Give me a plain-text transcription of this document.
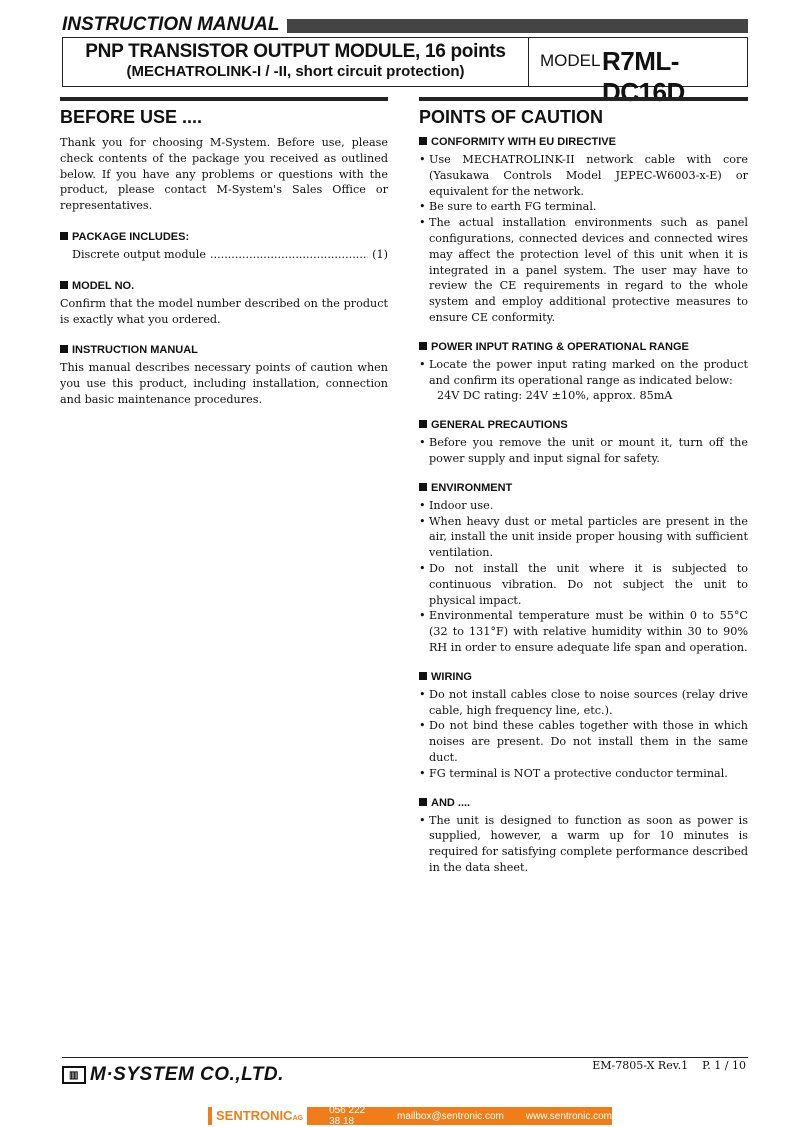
INSTRUCTION MANUAL
PNP TRANSISTOR OUTPUT MODULE, 16 points
(MECHATROLINK-I / -II, short circuit protection)
MODEL R7ML-DC16D
BEFORE USE ....

Thank you for choosing M-System. Before use, please check contents of the package you received as outlined below. If you have any problems or questions with the product, please contact M-System's Sales Office or representatives.

PACKAGE INCLUDES:
Discrete output module
.....	(1)
MODEL NO.

Confirm that the model number described on the product is exactly what you ordered.

INSTRUCTION MANUAL

This manual describes necessary points of caution when you use this product, including installation, connection and basic maintenance procedures.

POINTS OF CAUTION
CONFORMITY WITH EU DIRECTIVE
• Use MECHATROLINK-II network cable with core (Yasukawa Controls Model JEPEC-W6003-x-E) or equivalent for the network.
• Be sure to earth FG terminal.
• The actual installation environments such as panel configurations, connected devices and connected wires may affect the protection level of this unit when it is integrated in a panel system. The user may have to review the CE requirements in regard to the whole system and employ additional protective measures to ensure CE conformity.
POWER INPUT RATING & OPERATIONAL RANGE
• Locate the power input rating marked on the product and confirm its operational range as indicated below:
24V DC rating: 24V ±10%, approx. 85mA
GENERAL PRECAUTIONS
• Before you remove the unit or mount it, turn off the power supply and input signal for safety.
ENVIRONMENT
• Indoor use.
• When heavy dust or metal particles are present in the air, install the unit inside proper housing with sufficient ventilation.
• Do not install the unit where it is subjected to continuous vibration. Do not subject the unit to physical impact.
• Environmental temperature must be within 0 to 55°C (32 to 131°F) with relative humidity within 30 to 90% RH in order to ensure adequate life span and operation.
WIRING
• Do not install cables close to noise sources (relay drive cable, high frequency line, etc.).
• Do not bind these cables together with those in which noises are present. Do not install them in the same duct.
• FG terminal is NOT a protective conductor terminal.
AND ....
• The unit is designed to function as soon as power is supplied, however, a warm up for 10 minutes is required for satisfying complete performance described in the data sheet.
▥ M·SYSTEM CO.,LTD.	EM-7805-X Rev.1 P. 1 / 10
SENTRONICAG
056 222 38 18	mailbox@sentronic.com www.sentronic.com
